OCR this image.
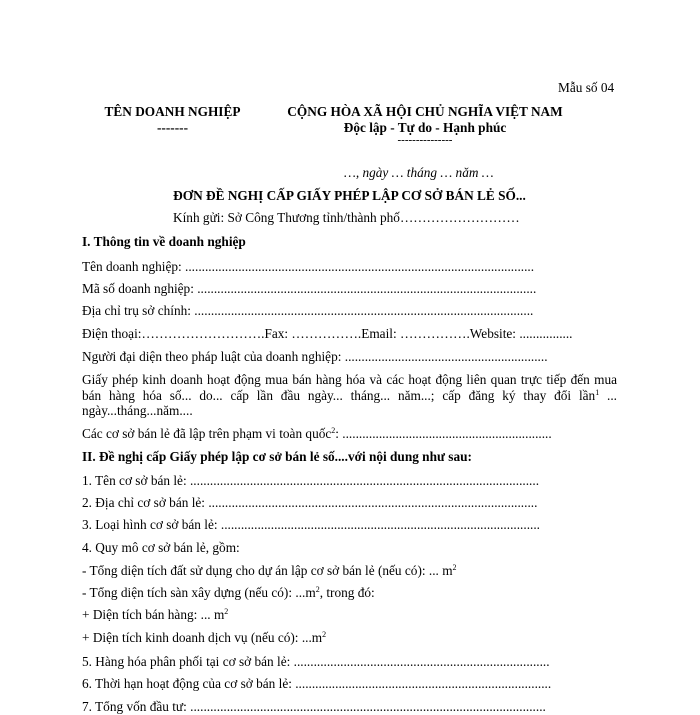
Mẫu số 04
TÊN DOANH NGHIỆP
-------
CỘNG HÒA XÃ HỘI CHỦ NGHĨA VIỆT NAM
Độc lập - Tự do - Hạnh phúc
---------------
…, ngày … tháng … năm …
ĐƠN ĐỀ NGHỊ CẤP GIẤY PHÉP LẬP CƠ SỞ BÁN LẺ SỐ...
Kính gửi: Sở Công Thương tỉnh/thành phố………………………
I. Thông tin về doanh nghiệp
Tên doanh nghiệp: .........................................................................................................
Mã số doanh nghiệp: ......................................................................................................
Địa chỉ trụ sở chính: ......................................................................................................
Điện thoại:……………………….Fax: …………….Email: …………….Website: ................
Người đại diện theo pháp luật của doanh nghiệp: .............................................................
Giấy phép kinh doanh hoạt động mua bán hàng hóa và các hoạt động liên quan trực tiếp đến mua bán hàng hóa số... do... cấp lần đầu ngày... tháng... năm...; cấp đăng ký thay đổi lần$^1$ ... ngày...tháng...năm....
Các cơ sở bán lẻ đã lập trên phạm vi toàn quốc$^2$: ...............................................................
II. Đề nghị cấp Giấy phép lập cơ sở bán lẻ số....với nội dung như sau:
1. Tên cơ sở bán lẻ: .........................................................................................................
2. Địa chỉ cơ sở bán lẻ: ...................................................................................................
3. Loại hình cơ sở bán lẻ: ................................................................................................
4. Quy mô cơ sở bán lẻ, gồm:
- Tổng diện tích đất sử dụng cho dự án lập cơ sở bán lẻ (nếu có): ... $m^2$
- Tổng diện tích sàn xây dựng (nếu có): $...m^2$, trong đó:
+ Diện tích bán hàng: ... $m^2$
+ Diện tích kinh doanh dịch vụ (nếu có): $...m^2$
5. Hàng hóa phân phối tại cơ sở bán lẻ: .............................................................................
6. Thời hạn hoạt động của cơ sở bán lẻ: .............................................................................
7. Tổng vốn đầu tư: ...........................................................................................................
